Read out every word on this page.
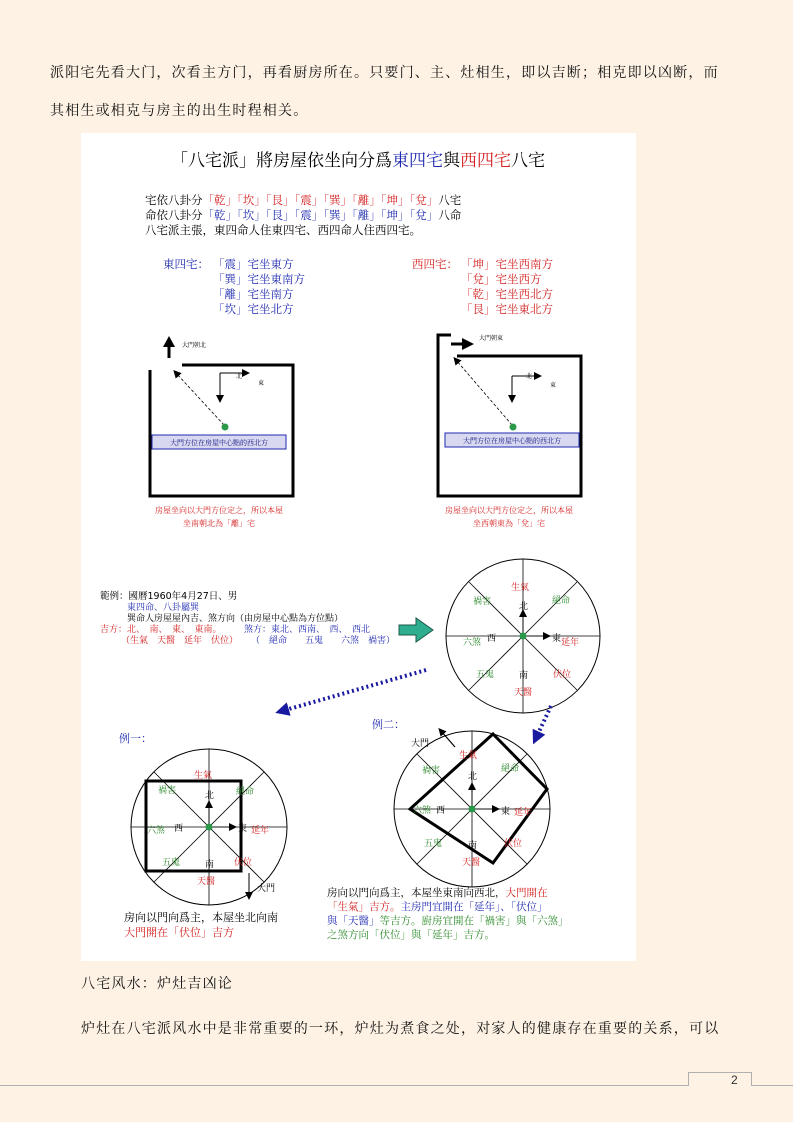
派阳宅先看大门，次看主方门，再看厨房所在。只要门、主、灶相生，即以吉断；相克即以凶断，而
其相生或相克与房主的出生时程相关。
「八宅派」將房屋依坐向分爲東四宅與西四宅八宅
宅依八卦分「乾」「坎」「艮」「震」「巽」「離」「坤」「兌」八宅
命依八卦分「乾」「坎」「艮」「震」「巽」「離」「坤」「兌」八命
八宅派主張，東四命人住東四宅、西四命人住西四宅。
東四宅： 「震」宅坐東方
「巽」宅坐東南方
「離」宅坐南方
「坎」宅坐北方
西四宅： 「坤」宅坐西南方
「兌」宅坐西方
「乾」宅坐西北方
「艮」宅坐東北方
大門朝北
北
東
大門方位在房屋中心點的西北方
房屋坐向以大門方位定之，所以本屋
坐南朝北為「離」宅
大門朝東
北
東
大門方位在房屋中心點的西北方
房屋坐向以大門方位定之，所以本屋
坐西朝東為「兌」宅
範例：國曆1960年4月27日、男
東四命、八卦屬巽
巽命人房屋屋內吉、煞方向（由房屋中心點為方位點）
吉方：北、　南、　東、　東南。 煞方：東北、西南、　西、　西北
（生氣　天醫　延年　伏位） （　絕命　　五鬼　　六煞　禍害）
生氣
絕命
禍害
延年
六煞
伏位
五鬼
天醫
北
南
東
西
例一：
生氣
絕命
禍害
延年
六煞
伏位
五鬼
天醫
北
南
東
西
大門
房向以門向爲主，本屋坐北向南
大門開在「伏位」吉方
例二：
大門
生氣
絕命
禍害
延年
六煞
伏位
五鬼
天醫
北
南
東
西
房向以門向爲主，本屋坐東南向西北，大門開在
「生氣」吉方。主房門宜開在「延年」、「伏位」
與「天醫」等吉方。廚房宜開在「禍害」與「六煞」
之煞方向「伏位」與「延年」吉方。
八宅风水：炉灶吉凶论
炉灶在八宅派风水中是非常重要的一环，炉灶为煮食之处，对家人的健康存在重要的关系，可以
2
